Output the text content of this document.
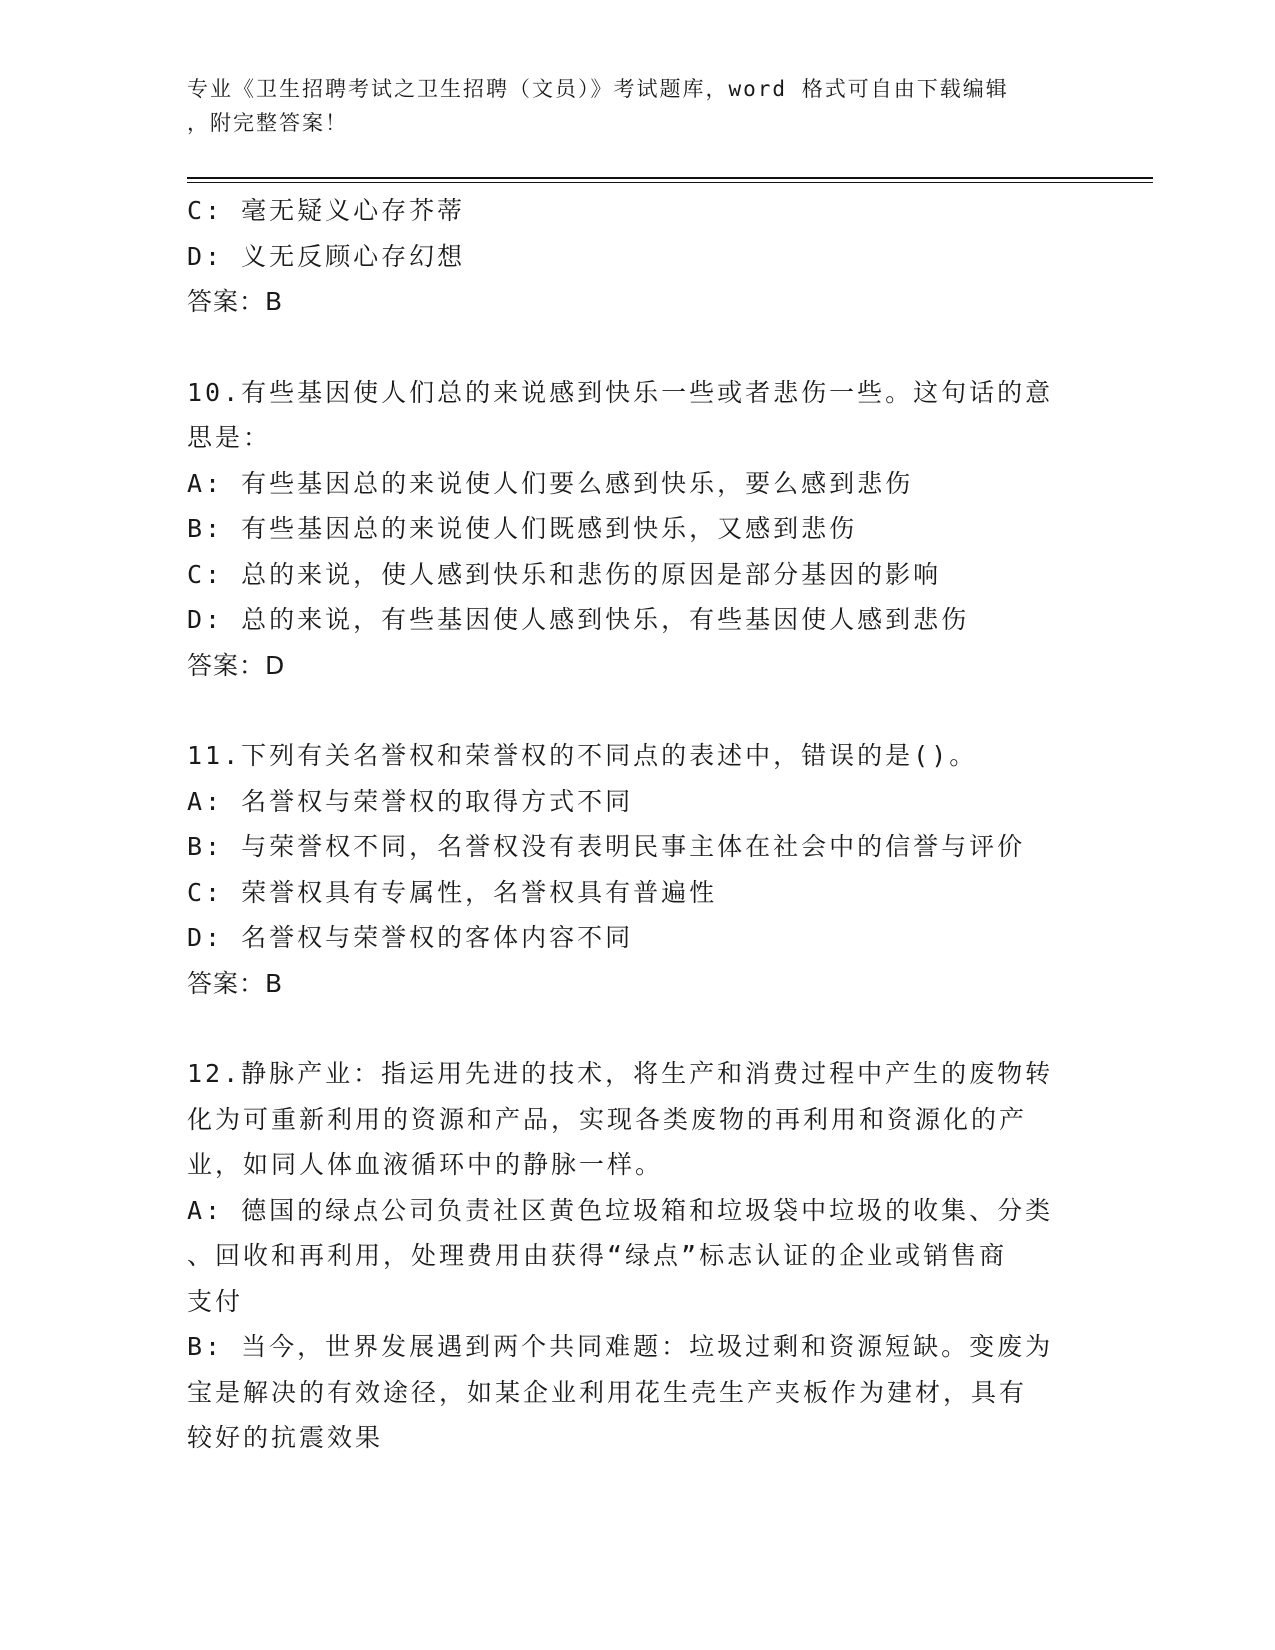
专业《卫生招聘考试之卫生招聘（文员）》考试题库，word 格式可自由下载编辑
，附完整答案！
C: 毫无疑义心存芥蒂
D: 义无反顾心存幻想
答案：B
10.有些基因使人们总的来说感到快乐一些或者悲伤一些。这句话的意
思是：
A: 有些基因总的来说使人们要么感到快乐，要么感到悲伤
B: 有些基因总的来说使人们既感到快乐，又感到悲伤
C: 总的来说，使人感到快乐和悲伤的原因是部分基因的影响
D: 总的来说，有些基因使人感到快乐，有些基因使人感到悲伤
答案：D
11.下列有关名誉权和荣誉权的不同点的表述中，错误的是()。
A: 名誉权与荣誉权的取得方式不同
B: 与荣誉权不同，名誉权没有表明民事主体在社会中的信誉与评价
C: 荣誉权具有专属性，名誉权具有普遍性
D: 名誉权与荣誉权的客体内容不同
答案：B
12.静脉产业：指运用先进的技术，将生产和消费过程中产生的废物转
化为可重新利用的资源和产品，实现各类废物的再利用和资源化的产
业，如同人体血液循环中的静脉一样。
A: 德国的绿点公司负责社区黄色垃圾箱和垃圾袋中垃圾的收集、分类
、回收和再利用，处理费用由获得“绿点”标志认证的企业或销售商
支付
B: 当今，世界发展遇到两个共同难题：垃圾过剩和资源短缺。变废为
宝是解决的有效途径，如某企业利用花生壳生产夹板作为建材，具有
较好的抗震效果
